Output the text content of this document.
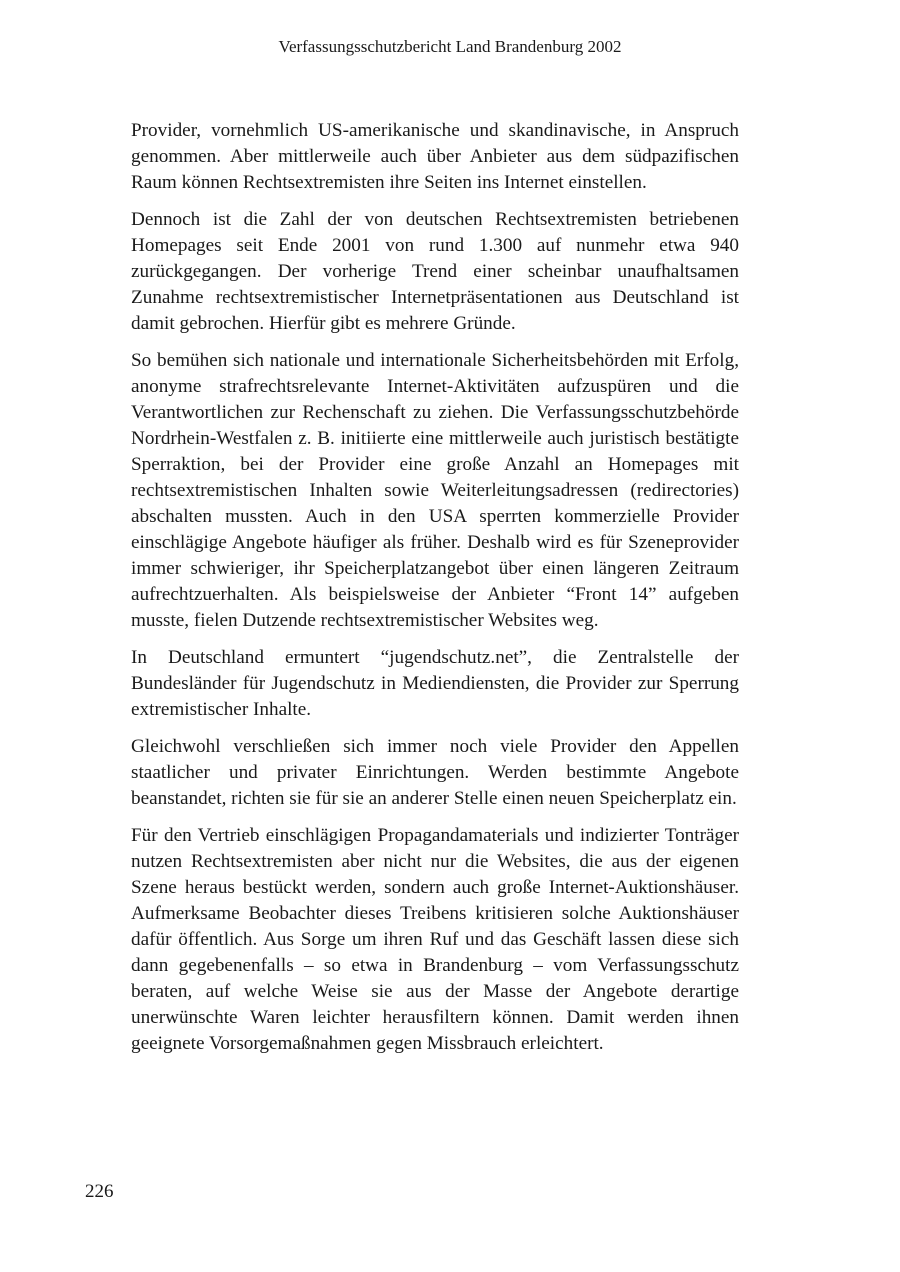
Verfassungsschutzbericht Land Brandenburg 2002

Provider, vornehmlich US-amerikanische und skandinavische, in Anspruch genommen. Aber mittlerweile auch über Anbieter aus dem südpazifischen Raum können Rechtsextremisten ihre Seiten ins Internet einstellen.

Dennoch ist die Zahl der von deutschen Rechtsextremisten betriebenen Homepages seit Ende 2001 von rund 1.300 auf nunmehr etwa 940 zurückgegangen. Der vorherige Trend einer scheinbar unaufhaltsamen Zunahme rechtsextremistischer Internetpräsentationen aus Deutschland ist damit gebrochen. Hierfür gibt es mehrere Gründe.

So bemühen sich nationale und internationale Sicherheitsbehörden mit Erfolg, anonyme strafrechtsrelevante Internet-Aktivitäten aufzuspüren und die Verantwortlichen zur Rechenschaft zu ziehen. Die Verfassungsschutzbehörde Nordrhein-Westfalen z. B. initiierte eine mittlerweile auch juristisch bestätigte Sperraktion, bei der Provider eine große Anzahl an Homepages mit rechtsextremistischen Inhalten sowie Weiterleitungsadressen (redirectories) abschalten mussten. Auch in den USA sperrten kommerzielle Provider einschlägige Angebote häufiger als früher. Deshalb wird es für Szeneprovider immer schwieriger, ihr Speicherplatzangebot über einen längeren Zeitraum aufrechtzuerhalten. Als beispielsweise der Anbieter “Front 14” aufgeben musste, fielen Dutzende rechtsextremistischer Websites weg.

In Deutschland ermuntert “jugendschutz.net”, die Zentralstelle der Bundesländer für Jugendschutz in Mediendiensten, die Provider zur Sperrung extremistischer Inhalte.

Gleichwohl verschließen sich immer noch viele Provider den Appellen staatlicher und privater Einrichtungen. Werden bestimmte Angebote beanstandet, richten sie für sie an anderer Stelle einen neuen Speicherplatz ein.

Für den Vertrieb einschlägigen Propagandamaterials und indizierter Tonträger nutzen Rechtsextremisten aber nicht nur die Websites, die aus der eigenen Szene heraus bestückt werden, sondern auch große Internet-Auktionshäuser. Aufmerksame Beobachter dieses Treibens kritisieren solche Auktionshäuser dafür öffentlich. Aus Sorge um ihren Ruf und das Geschäft lassen diese sich dann gegebenenfalls – so etwa in Brandenburg – vom Verfassungsschutz beraten, auf welche Weise sie aus der Masse der Angebote derartige unerwünschte Waren leichter herausfiltern können. Damit werden ihnen geeignete Vorsorgemaßnahmen gegen Missbrauch erleichtert.

226
